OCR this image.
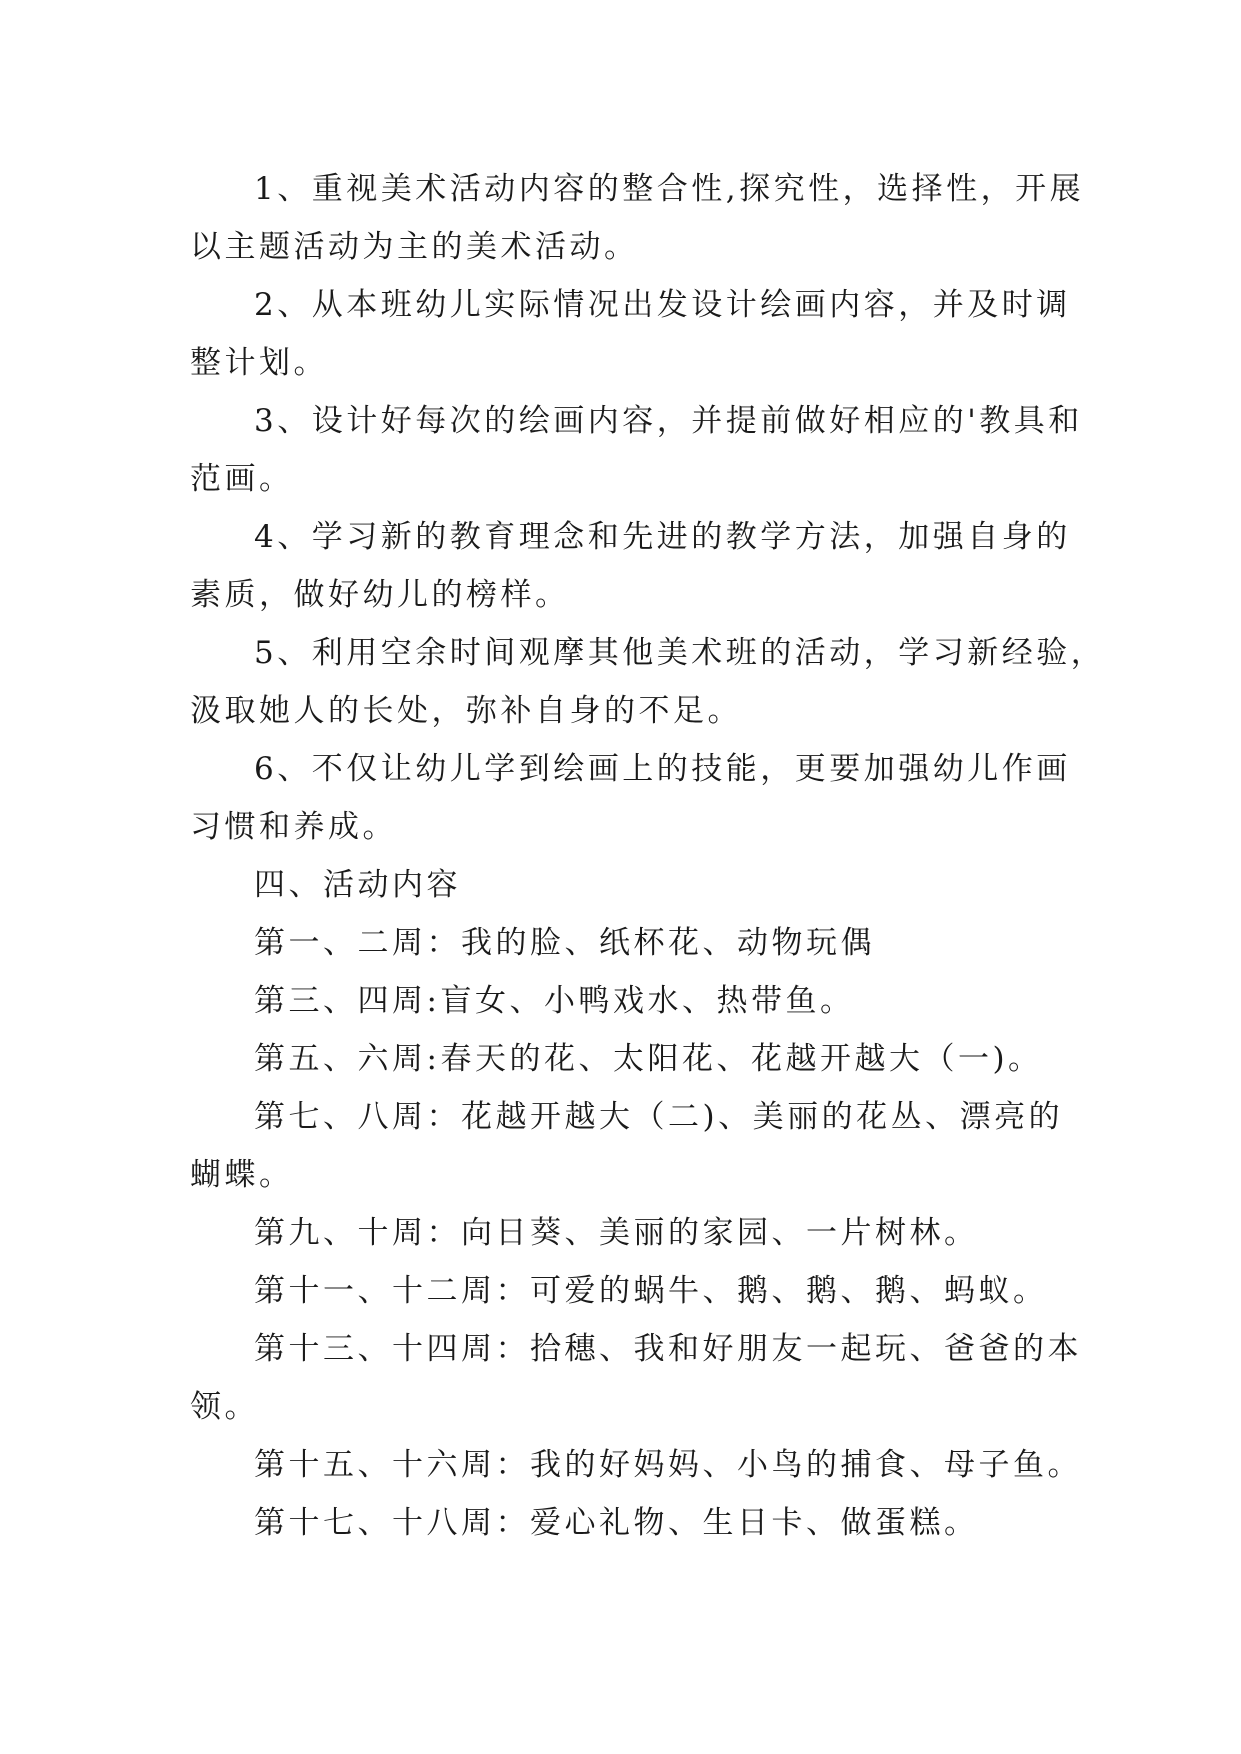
1、重视美术活动内容的整合性,探究性，选择性，开展
以主题活动为主的美术活动。
2、从本班幼儿实际情况出发设计绘画内容，并及时调
整计划。
3、设计好每次的绘画内容，并提前做好相应的'教具和
范画。
4、学习新的教育理念和先进的教学方法，加强自身的
素质，做好幼儿的榜样。
5、利用空余时间观摩其他美术班的活动，学习新经验，
汲取她人的长处，弥补自身的不足。
6、不仅让幼儿学到绘画上的技能，更要加强幼儿作画
习惯和养成。
四、活动内容
第一、二周：我的脸、纸杯花、动物玩偶
第三、四周:盲女、小鸭戏水、热带鱼。
第五、六周:春天的花、太阳花、花越开越大（一)。
第七、八周：花越开越大（二)、美丽的花丛、漂亮的
蝴蝶。
第九、十周：向日葵、美丽的家园、一片树林。
第十一、十二周：可爱的蜗牛、鹅、鹅、鹅、蚂蚁。
第十三、十四周：拾穗、我和好朋友一起玩、爸爸的本
领。
第十五、十六周：我的好妈妈、小鸟的捕食、母子鱼。
第十七、十八周：爱心礼物、生日卡、做蛋糕。
